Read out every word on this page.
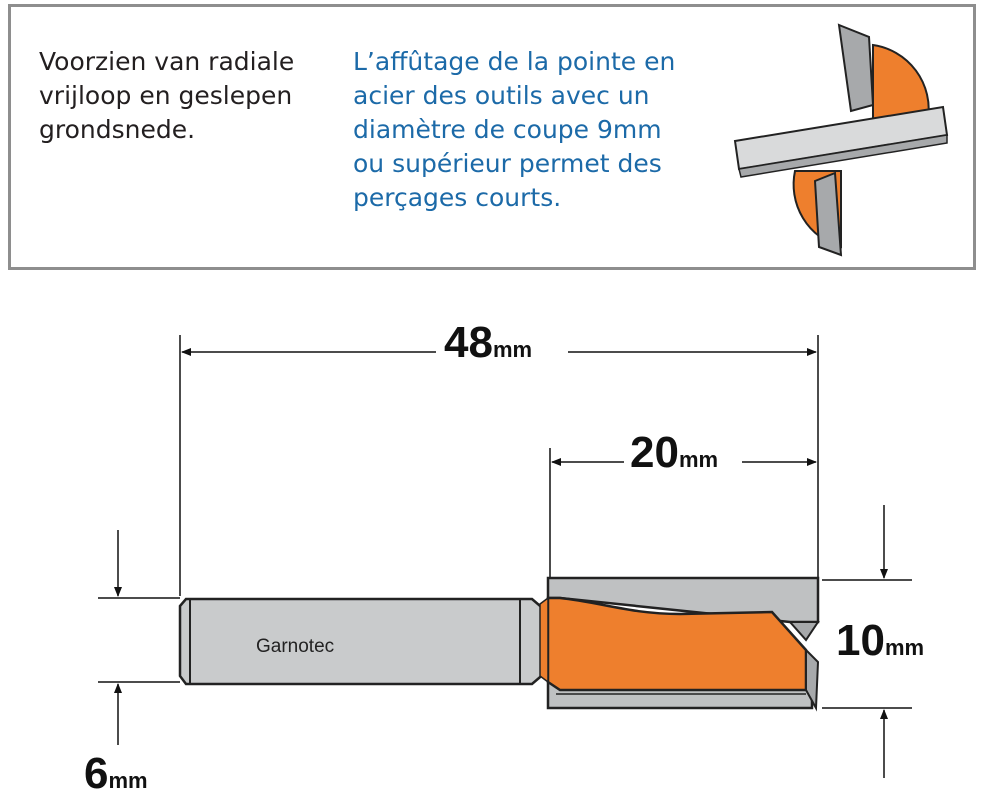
Voorzien van radiale
vrijloop en geslepen
grondsnede.
L’affûtage de la pointe en
acier des outils avec un
diamètre de coupe 9mm
ou supérieur permet des
perçages courts.
48mm
20mm
6mm
10mm
Garnotec
